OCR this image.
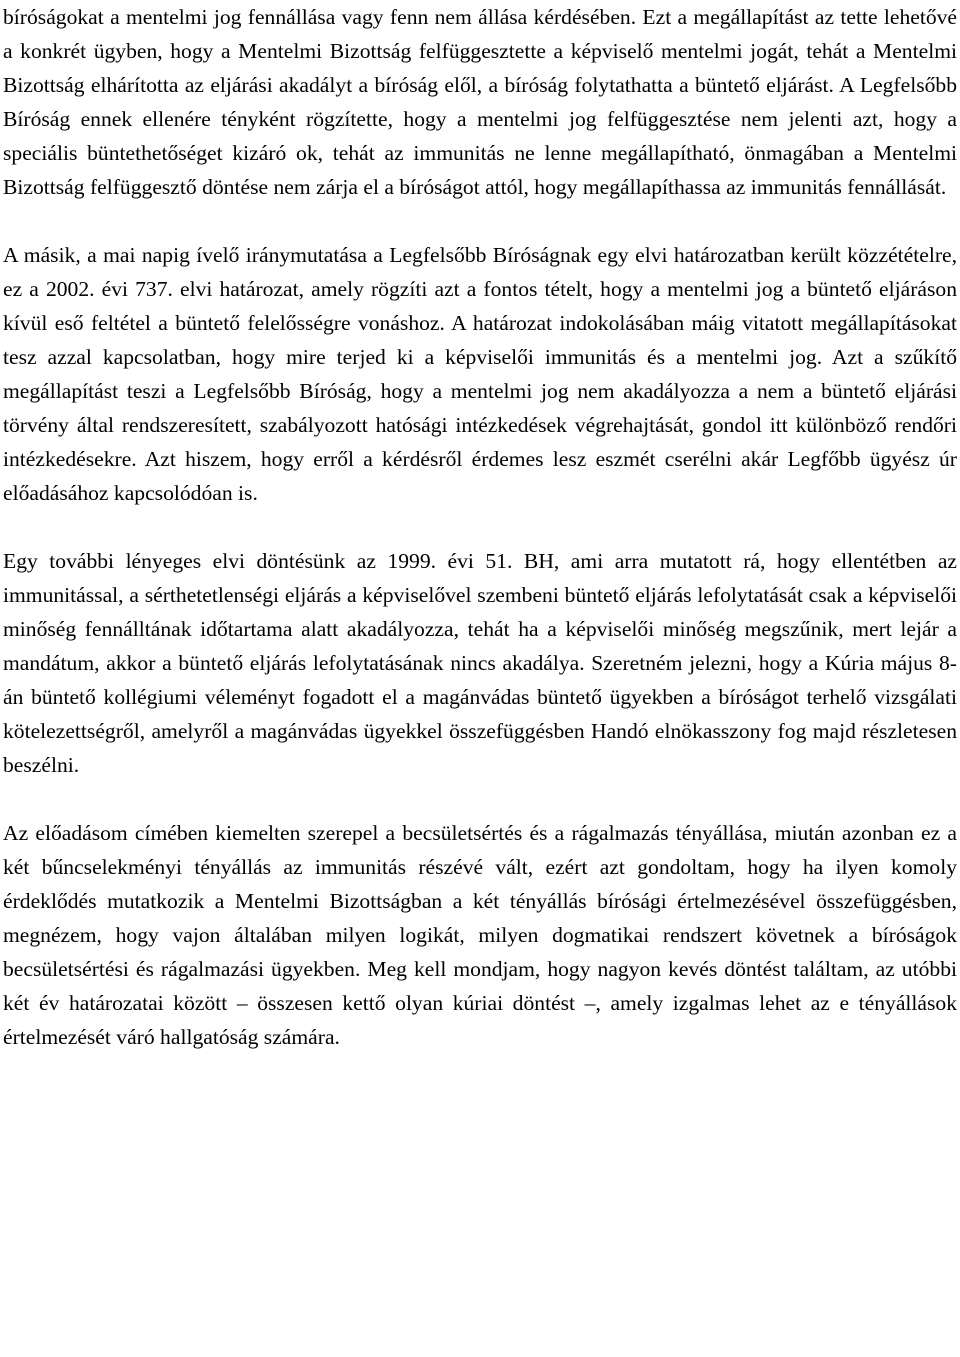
bíróságokat a mentelmi jog fennállása vagy fenn nem állása kérdésében. Ezt a megállapítást az tette lehetővé a konkrét ügyben, hogy a Mentelmi Bizottság felfüggesztette a képviselő mentelmi jogát, tehát a Mentelmi Bizottság elhárította az eljárási akadályt a bíróság elől, a bíróság folytathatta a büntető eljárást. A Legfelsőbb Bíróság ennek ellenére tényként rögzítette, hogy a mentelmi jog felfüggesztése nem jelenti azt, hogy a speciális büntethetőséget kizáró ok, tehát az immunitás ne lenne megállapítható, önmagában a Mentelmi Bizottság felfüggesztő döntése nem zárja el a bíróságot attól, hogy megállapíthassa az immunitás fennállását.

A másik, a mai napig ívelő iránymutatása a Legfelsőbb Bíróságnak egy elvi határozatban került közzétételre, ez a 2002. évi 737. elvi határozat, amely rögzíti azt a fontos tételt, hogy a mentelmi jog a büntető eljáráson kívül eső feltétel a büntető felelősségre vonáshoz. A határozat indokolásában máig vitatott megállapításokat tesz azzal kapcsolatban, hogy mire terjed ki a képviselői immunitás és a mentelmi jog. Azt a szűkítő megállapítást teszi a Legfelsőbb Bíróság, hogy a mentelmi jog nem akadályozza a nem a büntető eljárási törvény által rendszeresített, szabályozott hatósági intézkedések végrehajtását, gondol itt különböző rendőri intézkedésekre. Azt hiszem, hogy erről a kérdésről érdemes lesz eszmét cserélni akár Legfőbb ügyész úr előadásához kapcsolódóan is.

Egy további lényeges elvi döntésünk az 1999. évi 51. BH, ami arra mutatott rá, hogy ellentétben az immunitással, a sérthetetlenségi eljárás a képviselővel szembeni büntető eljárás lefolytatását csak a képviselői minőség fennálltának időtartama alatt akadályozza, tehát ha a képviselői minőség megszűnik, mert lejár a mandátum, akkor a büntető eljárás lefolytatásának nincs akadálya. Szeretném jelezni, hogy a Kúria május 8-án büntető kollégiumi véleményt fogadott el a magánvádas büntető ügyekben a bíróságot terhelő vizsgálati kötelezettségről, amelyről a magánvádas ügyekkel összefüggésben Handó elnökasszony fog majd részletesen beszélni.

Az előadásom címében kiemelten szerepel a becsületsértés és a rágalmazás tényállása, miután azonban ez a két bűncselekményi tényállás az immunitás részévé vált, ezért azt gondoltam, hogy ha ilyen komoly érdeklődés mutatkozik a Mentelmi Bizottságban a két tényállás bírósági értelmezésével összefüggésben, megnézem, hogy vajon általában milyen logikát, milyen dogmatikai rendszert követnek a bíróságok becsületsértési és rágalmazási ügyekben. Meg kell mondjam, hogy nagyon kevés döntést találtam, az utóbbi két év határozatai között – összesen kettő olyan kúriai döntést –, amely izgalmas lehet az e tényállások értelmezését váró hallgatóság számára.
